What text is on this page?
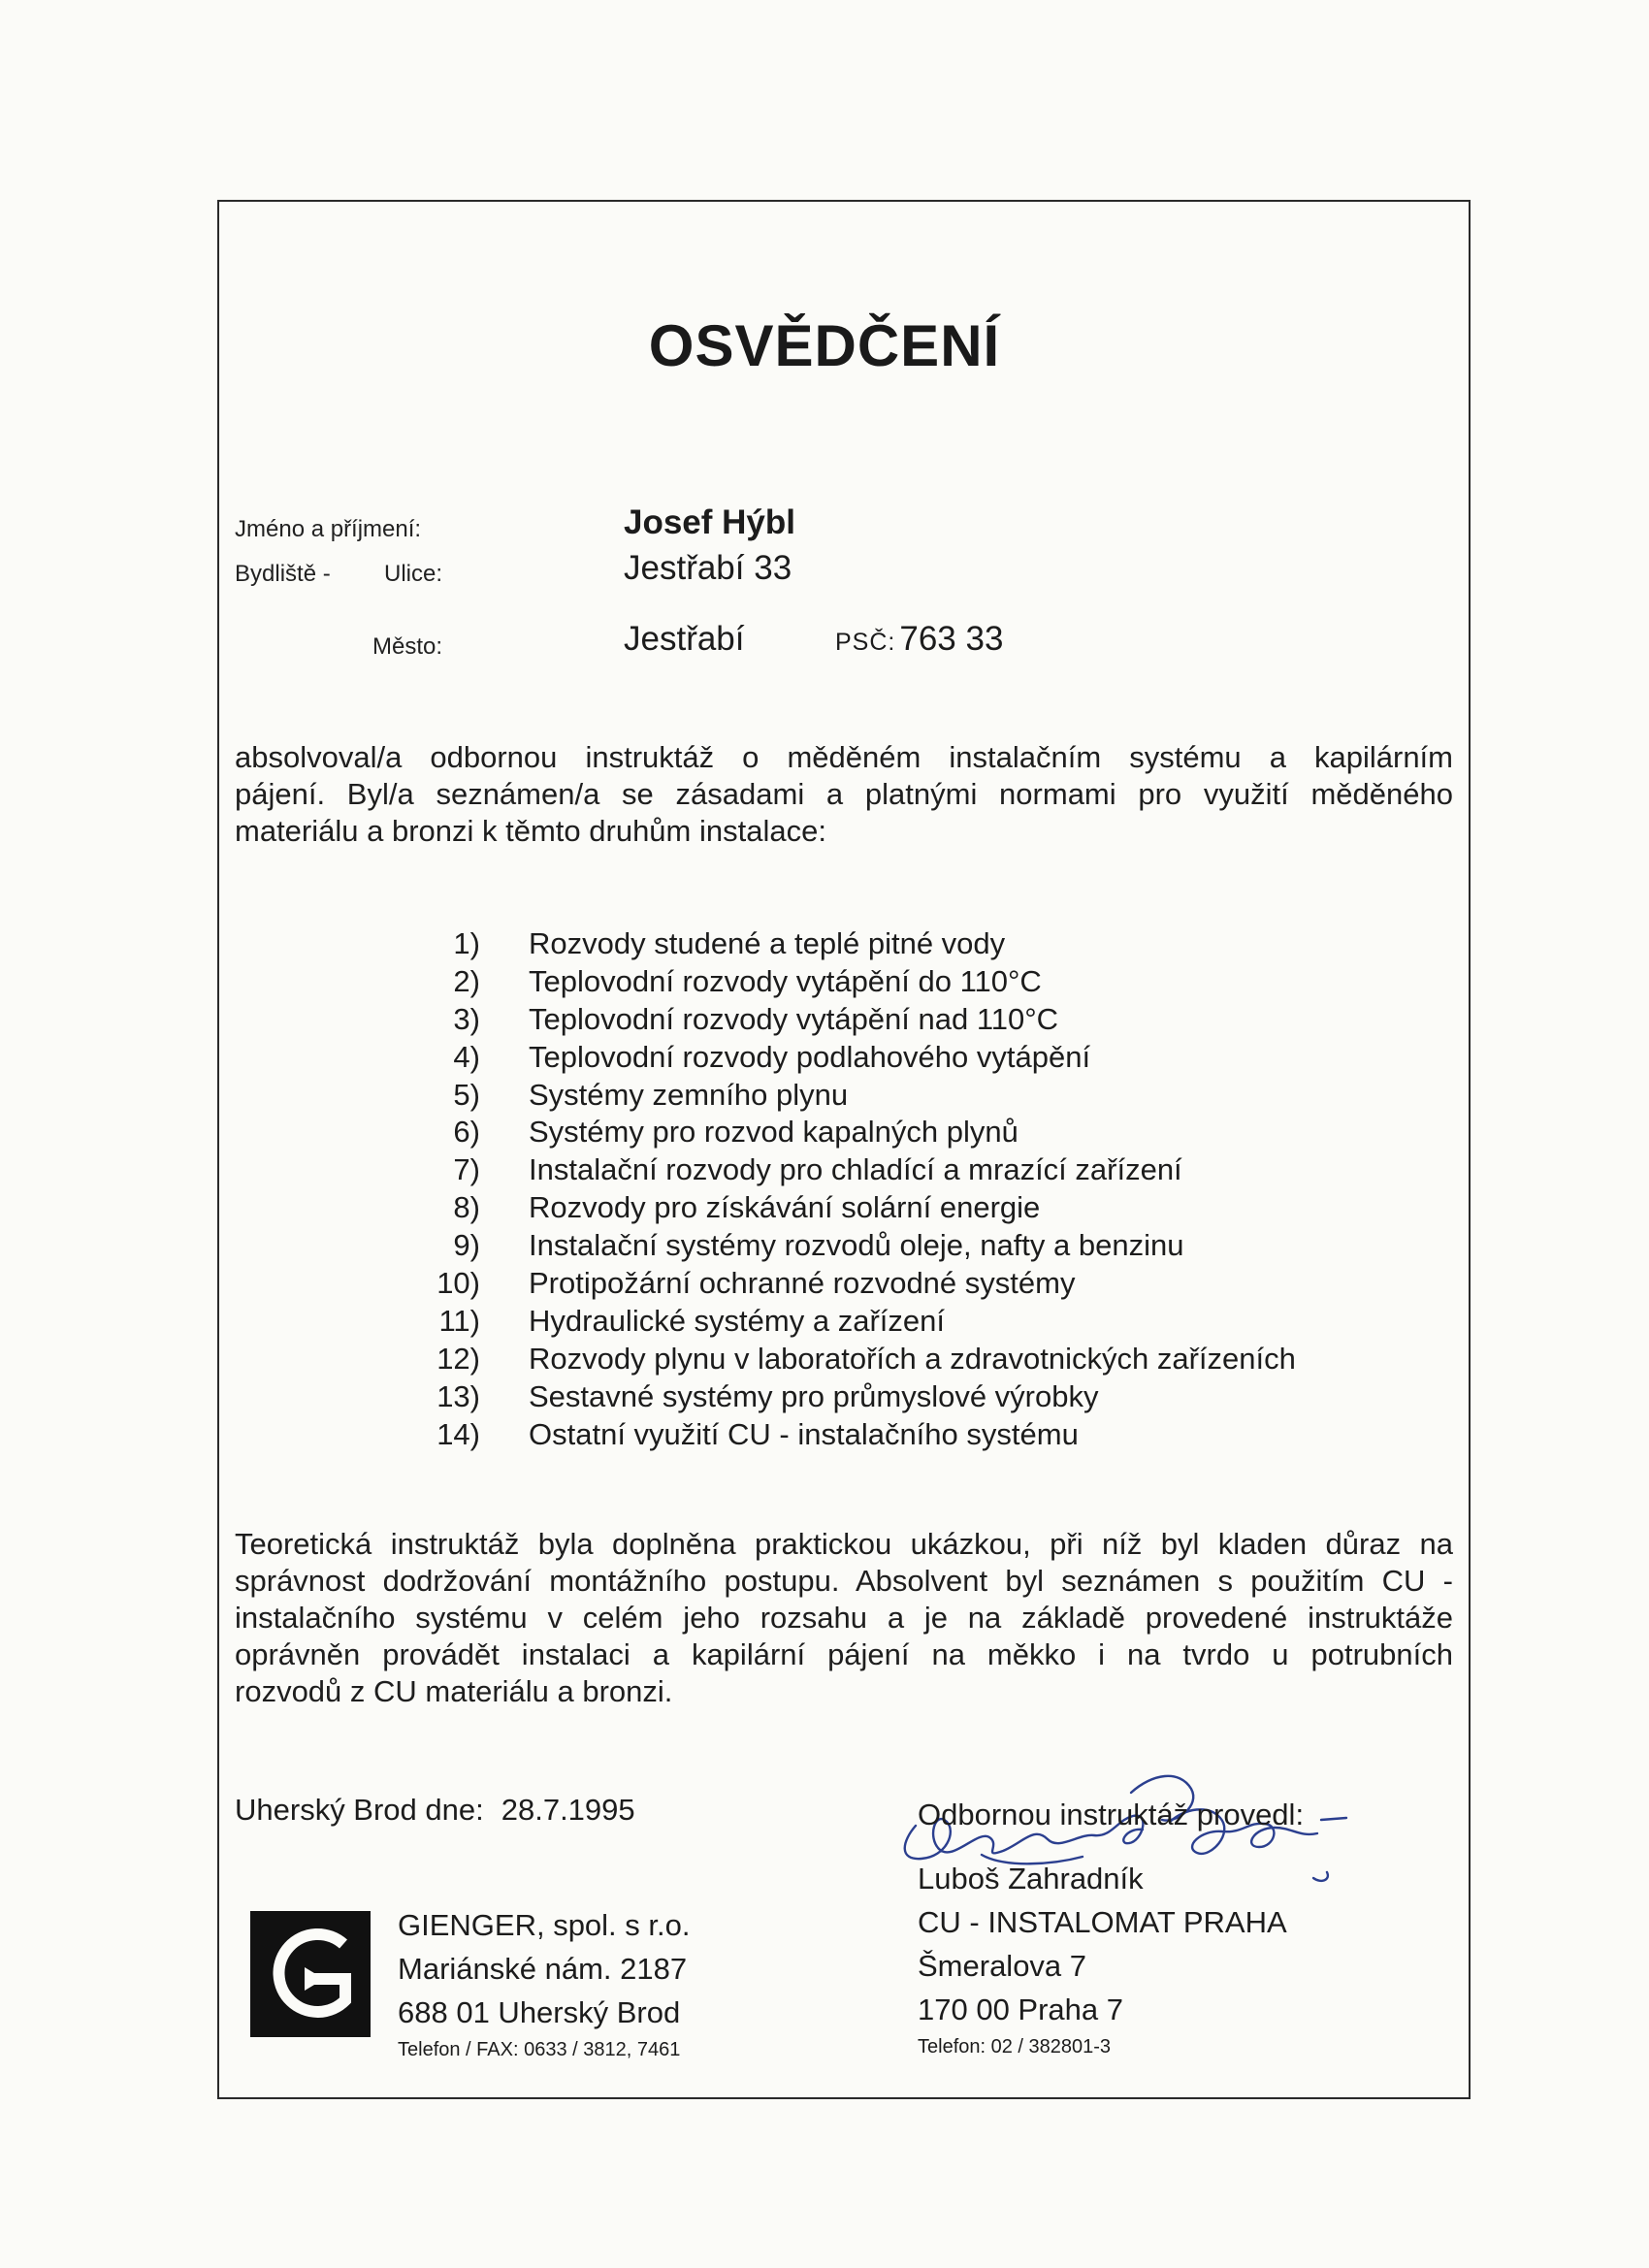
OSVĚDČENÍ
Jméno a příjmení:	Josef Hýbl
Bydliště - Ulice:	Jestřabí 33
Město:	Jestřabí	PSČ: 763 33
absolvoval/a odbornou instruktáž o měděném instalačním systému a kapilárním
pájení. Byl/a seznámen/a se zásadami a platnými normami pro využití měděného
materiálu a bronzi k těmto druhům instalace:
1) Rozvody studené a teplé pitné vody
2) Teplovodní rozvody vytápění do 110°C
3) Teplovodní rozvody vytápění nad 110°C
4) Teplovodní rozvody podlahového vytápění
5) Systémy zemního plynu
6) Systémy pro rozvod kapalných plynů
7) Instalační rozvody pro chladící a mrazící zařízení
8) Rozvody pro získávání solární energie
9) Instalační systémy rozvodů oleje, nafty a benzinu
10) Protipožární ochranné rozvodné systémy
11) Hydraulické systémy a zařízení
12) Rozvody plynu v laboratořích a zdravotnických zařízeních
13) Sestavné systémy pro průmyslové výrobky
14) Ostatní využití CU - instalačního systému
Teoretická instruktáž byla doplněna praktickou ukázkou, při níž byl kladen důraz na
správnost dodržování montážního postupu. Absolvent byl seznámen s použitím CU -
instalačního systému v celém jeho rozsahu a je na základě provedené instruktáže
oprávněn provádět instalaci a kapilární pájení na měkko i na tvrdo u potrubních
rozvodů z CU materiálu a bronzi.
Uherský Brod dne: 28.7.1995	Odbornou instruktáž provedl:
Luboš Zahradník
CU - INSTALOMAT PRAHA
Šmeralova 7
170 00 Praha 7
Telefon: 02 / 382801-3
GIENGER, spol. s r.o.
Mariánské nám. 2187
688 01 Uherský Brod
Telefon / FAX: 0633 / 3812, 7461
